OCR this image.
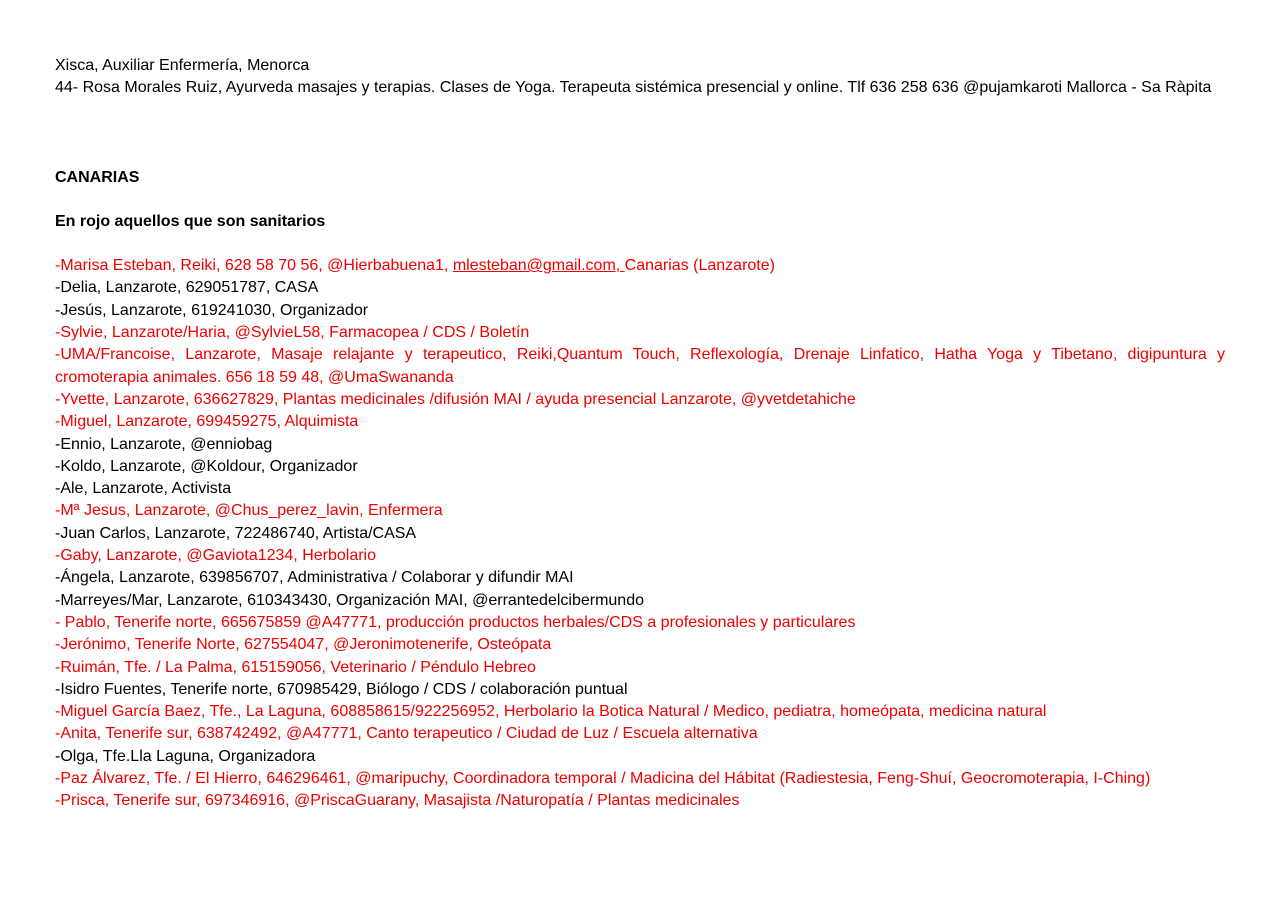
Xisca, Auxiliar Enfermería, Menorca
44- Rosa Morales Ruiz, Ayurveda masajes y terapias. Clases de Yoga. Terapeuta sistémica presencial y online. Tlf 636 258 636 @pujamkaroti Mallorca - Sa Ràpita
CANARIAS
En rojo aquellos que son sanitarios
-Marisa Esteban, Reiki, 628 58 70 56, @Hierbabuena1, mlesteban@gmail.com, Canarias (Lanzarote)
-Delia, Lanzarote, 629051787, CASA
-Jesús, Lanzarote, 619241030, Organizador
-Sylvie, Lanzarote/Haria, @SylvieL58, Farmacopea / CDS / Boletín
-UMA/Francoise, Lanzarote, Masaje relajante y terapeutico, Reiki,Quantum Touch, Reflexología, Drenaje Linfatico, Hatha Yoga y Tibetano, digipuntura y cromoterapia animales. 656 18 59 48, @UmaSwananda
-Yvette, Lanzarote, 636627829, Plantas medicinales /difusión MAI / ayuda presencial Lanzarote, @yvetdetahiche
-Miguel, Lanzarote, 699459275, Alquimista
-Ennio, Lanzarote, @enniobag
-Koldo, Lanzarote, @Koldour, Organizador
-Ale, Lanzarote, Activista
-Mª Jesus, Lanzarote, @Chus_perez_lavin, Enfermera
-Juan Carlos, Lanzarote, 722486740, Artista/CASA
-Gaby, Lanzarote, @Gaviota1234, Herbolario
-Ángela, Lanzarote, 639856707, Administrativa / Colaborar y difundir MAI
-Marreyes/Mar, Lanzarote, 610343430, Organización MAI, @errantedelcibermundo
- Pablo, Tenerife norte, 665675859 @A47771, producción productos herbales/CDS a profesionales y particulares
-Jerónimo, Tenerife Norte, 627554047, @Jeronimotenerife, Osteópata
-Ruimán, Tfe. / La Palma, 615159056, Veterinario / Péndulo Hebreo
-Isidro Fuentes, Tenerife norte, 670985429, Biólogo / CDS / colaboración puntual
-Miguel García Baez, Tfe., La Laguna, 608858615/922256952, Herbolario la Botica Natural / Medico, pediatra, homeópata, medicina natural
-Anita, Tenerife sur, 638742492, @A47771, Canto terapeutico / Ciudad de Luz / Escuela alternativa
-Olga, Tfe.Lla Laguna, Organizadora
-Paz Álvarez, Tfe. / El Hierro, 646296461, @maripuchy, Coordinadora temporal / Madicina del Hábitat (Radiestesia, Feng-Shuí, Geocromoterapia, I-Ching)
-Prisca, Tenerife sur, 697346916, @PriscaGuarany, Masajista /Naturopatía / Plantas medicinales
